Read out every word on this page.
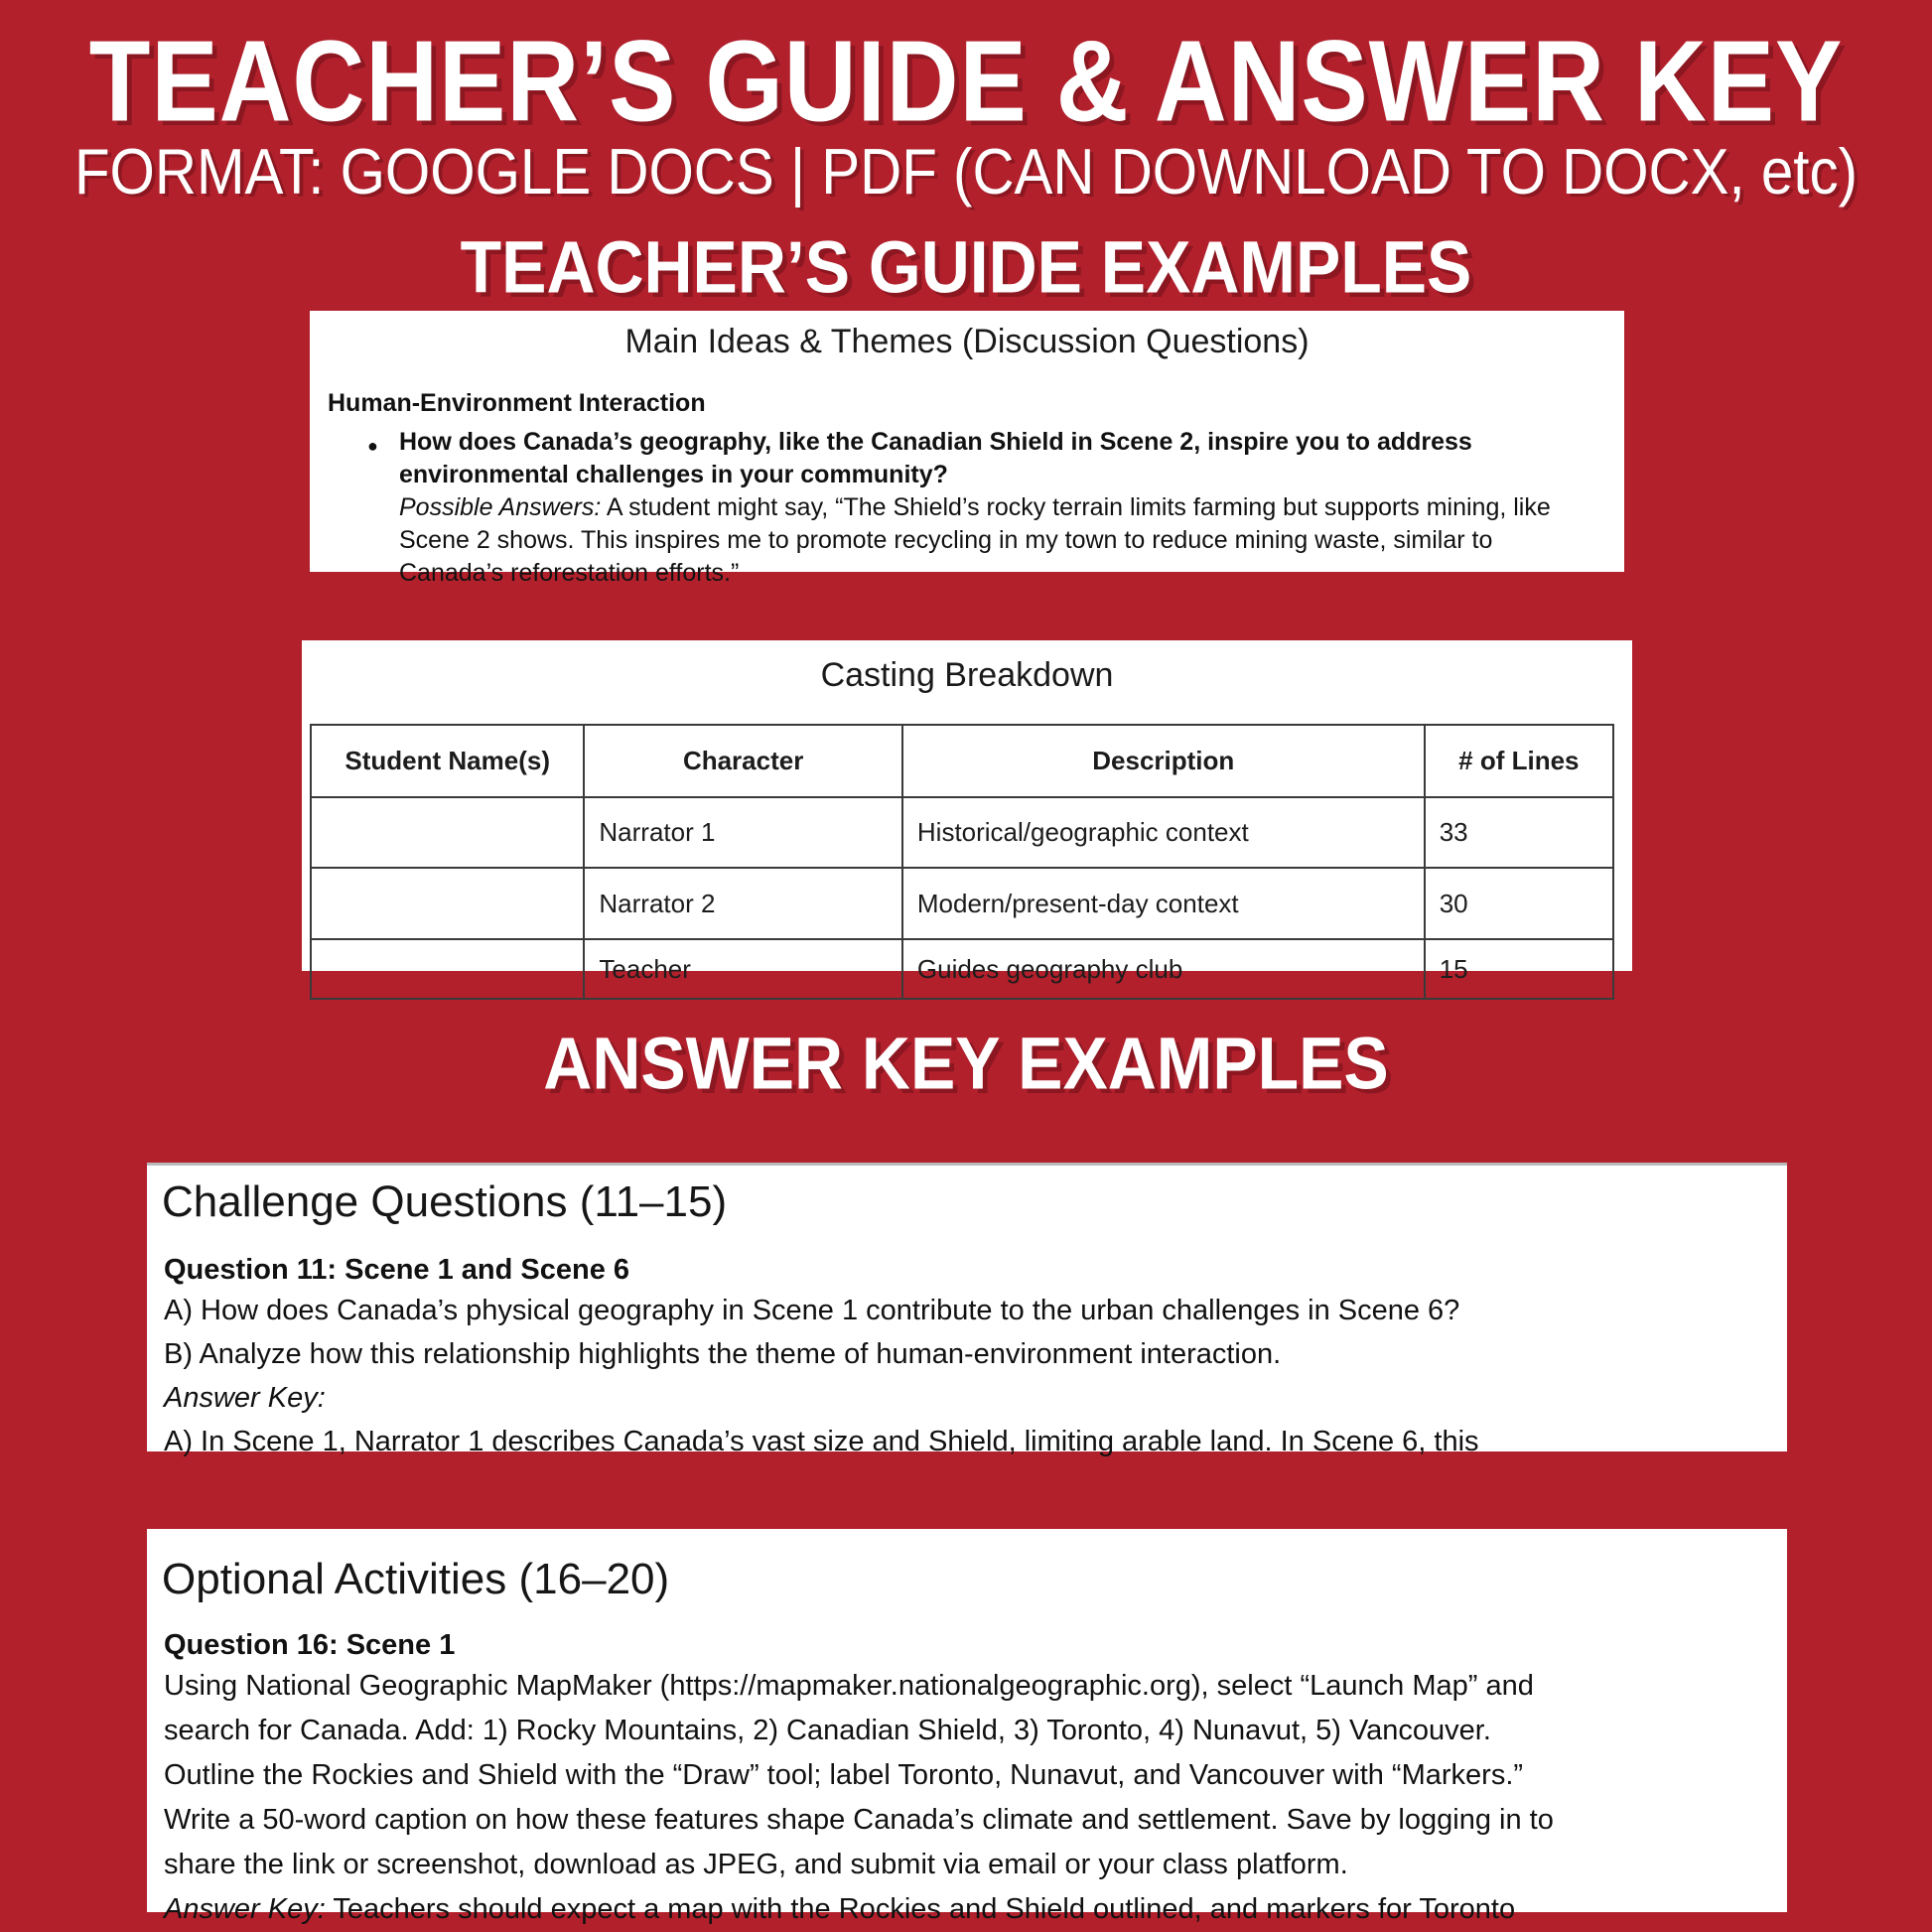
TEACHER’S GUIDE & ANSWER KEY
FORMAT: GOOGLE DOCS | PDF (CAN DOWNLOAD TO DOCX, etc)
TEACHER’S GUIDE EXAMPLES
Main Ideas & Themes (Discussion Questions)
Human-Environment Interaction
● How does Canada’s geography, like the Canadian Shield in Scene 2, inspire you to address
environmental challenges in your community?
Possible Answers: A student might say, “The Shield’s rocky terrain limits farming but supports mining, like
Scene 2 shows. This inspires me to promote recycling in my town to reduce mining waste, similar to
Canada’s reforestation efforts.”
Casting Breakdown
Student Name(s)	Character	Description	# of Lines
	Narrator 1	Historical/geographic context	33
	Narrator 2	Modern/present-day context	30
	Teacher	Guides geography club	15
ANSWER KEY EXAMPLES
Challenge Questions (11–15)
Question 11: Scene 1 and Scene 6
A) How does Canada’s physical geography in Scene 1 contribute to the urban challenges in Scene 6?
B) Analyze how this relationship highlights the theme of human-environment interaction.
Answer Key:
A) In Scene 1, Narrator 1 describes Canada’s vast size and Shield, limiting arable land. In Scene 6, this
Optional Activities (16–20)
Question 16: Scene 1
Using National Geographic MapMaker (https://mapmaker.nationalgeographic.org), select “Launch Map” and
search for Canada. Add: 1) Rocky Mountains, 2) Canadian Shield, 3) Toronto, 4) Nunavut, 5) Vancouver.
Outline the Rockies and Shield with the “Draw” tool; label Toronto, Nunavut, and Vancouver with “Markers.”
Write a 50-word caption on how these features shape Canada’s climate and settlement. Save by logging in to
share the link or screenshot, download as JPEG, and submit via email or your class platform.
Answer Key: Teachers should expect a map with the Rockies and Shield outlined, and markers for Toronto
